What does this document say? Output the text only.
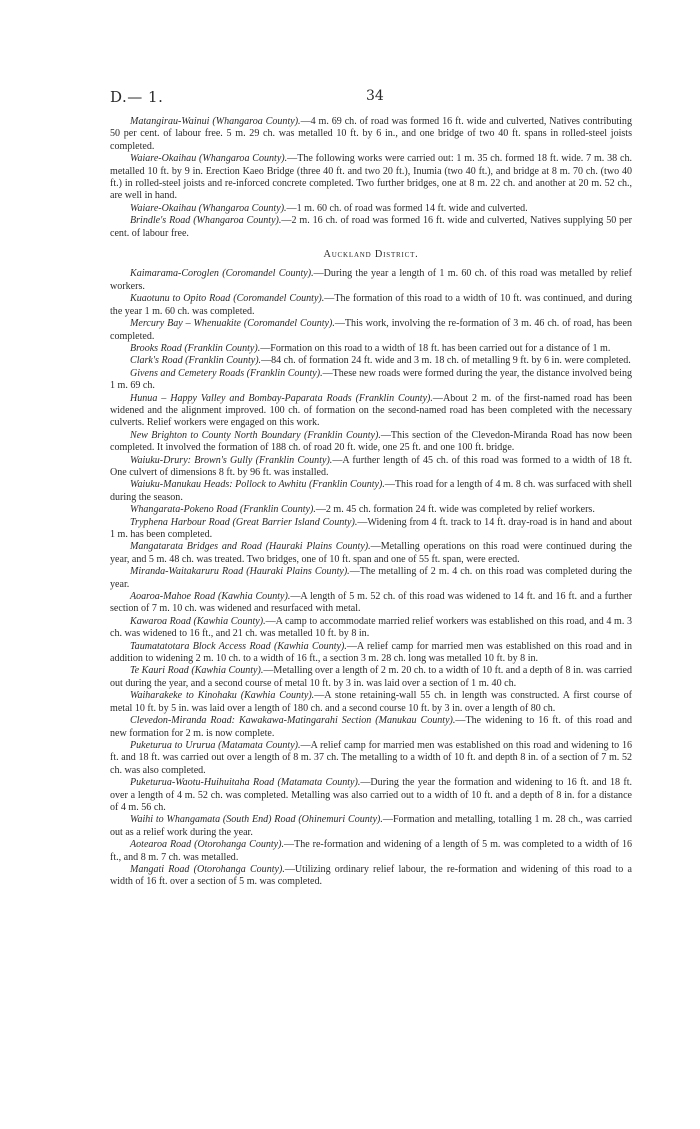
D.— 1.	34

Matangirau-Wainui (Whangaroa County).—4 m. 69 ch. of road was formed 16 ft. wide and culverted, Natives contributing 50 per cent. of labour free. 5 m. 29 ch. was metalled 10 ft. by 6 in., and one bridge of two 40 ft. spans in rolled-steel joists completed.

Waiare-Okaihau (Whangaroa County).—The following works were carried out: 1 m. 35 ch. formed 18 ft. wide. 7 m. 38 ch. metalled 10 ft. by 9 in. Erection Kaeo Bridge (three 40 ft. and two 20 ft.), Inumia (two 40 ft.), and bridge at 8 m. 70 ch. (two 40 ft.) in rolled-steel joists and re-inforced concrete completed. Two further bridges, one at 8 m. 22 ch. and another at 20 m. 52 ch., are well in hand.

Waiare-Okaihau (Whangaroa County).—1 m. 60 ch. of road was formed 14 ft. wide and culverted.

Brindle's Road (Whangaroa County).—2 m. 16 ch. of road was formed 16 ft. wide and culverted, Natives supplying 50 per cent. of labour free.

Auckland District.

Kaimarama-Coroglen (Coromandel County).—During the year a length of 1 m. 60 ch. of this road was metalled by relief workers.

Kuaotunu to Opito Road (Coromandel County).—The formation of this road to a width of 10 ft. was continued, and during the year 1 m. 60 ch. was completed.

Mercury Bay – Whenuakite (Coromandel County).—This work, involving the re-formation of 3 m. 46 ch. of road, has been completed.

Brooks Road (Franklin County).—Formation on this road to a width of 18 ft. has been carried out for a distance of 1 m.

Clark's Road (Franklin County).—84 ch. of formation 24 ft. wide and 3 m. 18 ch. of metalling 9 ft. by 6 in. were completed.

Givens and Cemetery Roads (Franklin County).—These new roads were formed during the year, the distance involved being 1 m. 69 ch.

Hunua – Happy Valley and Bombay-Paparata Roads (Franklin County).—About 2 m. of the first-named road has been widened and the alignment improved. 100 ch. of formation on the second-named road has been completed with the necessary culverts. Relief workers were engaged on this work.

New Brighton to County North Boundary (Franklin County).—This section of the Clevedon-Miranda Road has now been completed. It involved the formation of 188 ch. of road 20 ft. wide, one 25 ft. and one 100 ft. bridge.

Waiuku-Drury: Brown's Gully (Franklin County).—A further length of 45 ch. of this road was formed to a width of 18 ft. One culvert of dimensions 8 ft. by 96 ft. was installed.

Waiuku-Manukau Heads: Pollock to Awhitu (Franklin County).—This road for a length of 4 m. 8 ch. was surfaced with shell during the season.

Whangarata-Pokeno Road (Franklin County).—2 m. 45 ch. formation 24 ft. wide was completed by relief workers.

Tryphena Harbour Road (Great Barrier Island County).—Widening from 4 ft. track to 14 ft. dray-road is in hand and about 1 m. has been completed.

Mangatarata Bridges and Road (Hauraki Plains County).—Metalling operations on this road were continued during the year, and 5 m. 48 ch. was treated. Two bridges, one of 10 ft. span and one of 55 ft. span, were erected.

Miranda-Waitakaruru Road (Hauraki Plains County).—The metalling of 2 m. 4 ch. on this road was completed during the year.

Aoaroa-Mahoe Road (Kawhia County).—A length of 5 m. 52 ch. of this road was widened to 14 ft. and 16 ft. and a further section of 7 m. 10 ch. was widened and resurfaced with metal.

Kawaroa Road (Kawhia County).—A camp to accommodate married relief workers was established on this road, and 4 m. 3 ch. was widened to 16 ft., and 21 ch. was metalled 10 ft. by 8 in.

Taumatatotara Block Access Road (Kawhia County).—A relief camp for married men was established on this road and in addition to widening 2 m. 10 ch. to a width of 16 ft., a section 3 m. 28 ch. long was metalled 10 ft. by 8 in.

Te Kauri Road (Kawhia County).—Metalling over a length of 2 m. 20 ch. to a width of 10 ft. and a depth of 8 in. was carried out during the year, and a second course of metal 10 ft. by 3 in. was laid over a section of 1 m. 40 ch.

Waiharakeke to Kinohaku (Kawhia County).—A stone retaining-wall 55 ch. in length was constructed. A first course of metal 10 ft. by 5 in. was laid over a length of 180 ch. and a second course 10 ft. by 3 in. over a length of 80 ch.

Clevedon-Miranda Road: Kawakawa-Matingarahi Section (Manukau County).—The widening to 16 ft. of this road and new formation for 2 m. is now complete.

Puketurua to Ururua (Matamata County).—A relief camp for married men was established on this road and widening to 16 ft. and 18 ft. was carried out over a length of 8 m. 37 ch. The metalling to a width of 10 ft. and depth 8 in. of a section of 7 m. 52 ch. was also completed.

Puketurua-Waotu-Huihuitaha Road (Matamata County).—During the year the formation and widening to 16 ft. and 18 ft. over a length of 4 m. 52 ch. was completed. Metalling was also carried out to a width of 10 ft. and a depth of 8 in. for a distance of 4 m. 56 ch.

Waihi to Whangamata (South End) Road (Ohinemuri County).—Formation and metalling, totalling 1 m. 28 ch., was carried out as a relief work during the year.

Aotearoa Road (Otorohanga County).—The re-formation and widening of a length of 5 m. was completed to a width of 16 ft., and 8 m. 7 ch. was metalled.

Mangati Road (Otorohanga County).—Utilizing ordinary relief labour, the re-formation and widening of this road to a width of 16 ft. over a section of 5 m. was completed.
